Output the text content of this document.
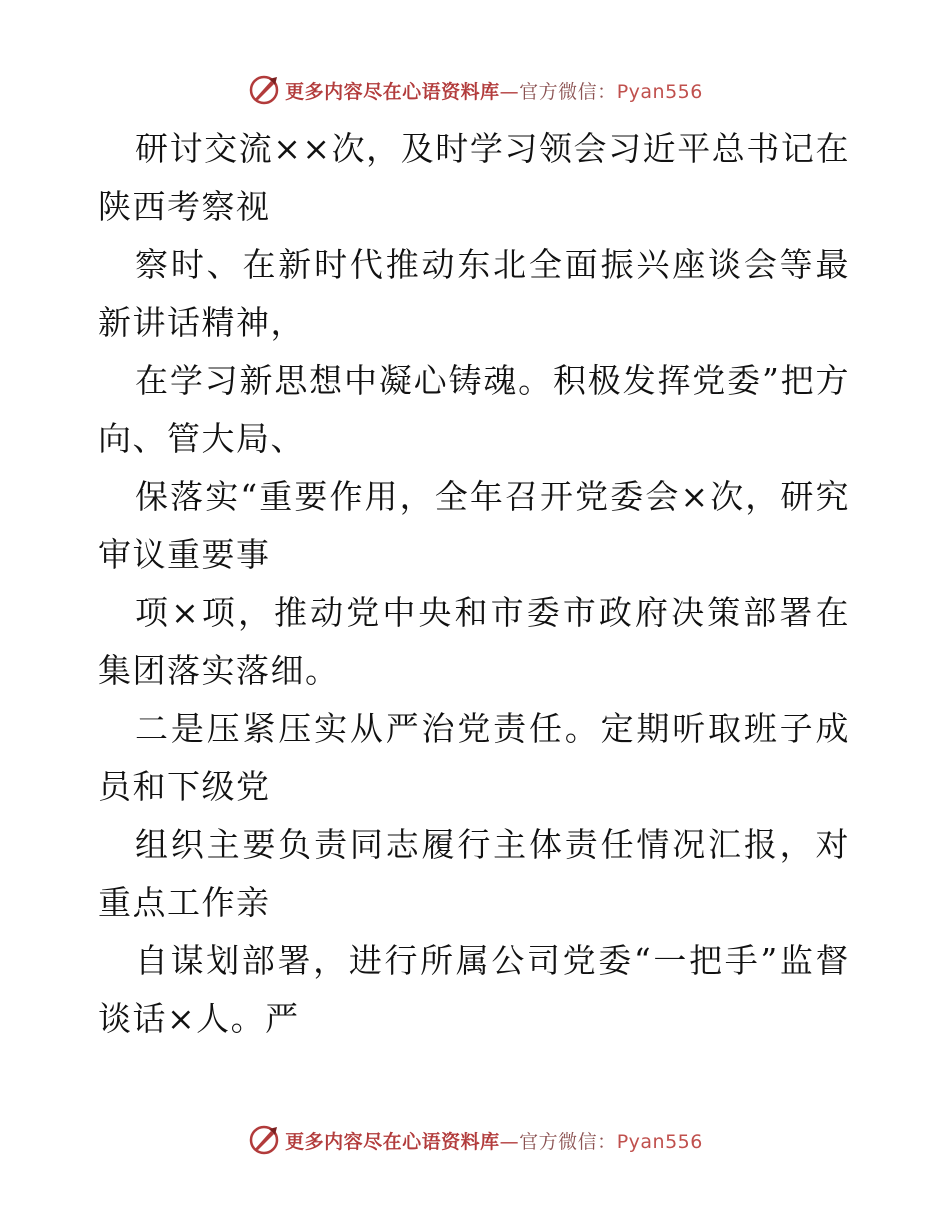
更多内容尽在心语资料库—官方微信：Pyan556

研讨交流××次，及时学习领会习近平总书记在陕西考察视

察时、在新时代推动东北全面振兴座谈会等最新讲话精神，

在学习新思想中凝心铸魂。积极发挥党委”把方向、管大局、

保落实“重要作用，全年召开党委会×次，研究审议重要事

项×项，推动党中央和市委市政府决策部署在集团落实落细。

二是压紧压实从严治党责任。定期听取班子成员和下级党

组织主要负责同志履行主体责任情况汇报，对重点工作亲

自谋划部署，进行所属公司党委“一把手”监督谈话×人。严

更多内容尽在心语资料库—官方微信：Pyan556
